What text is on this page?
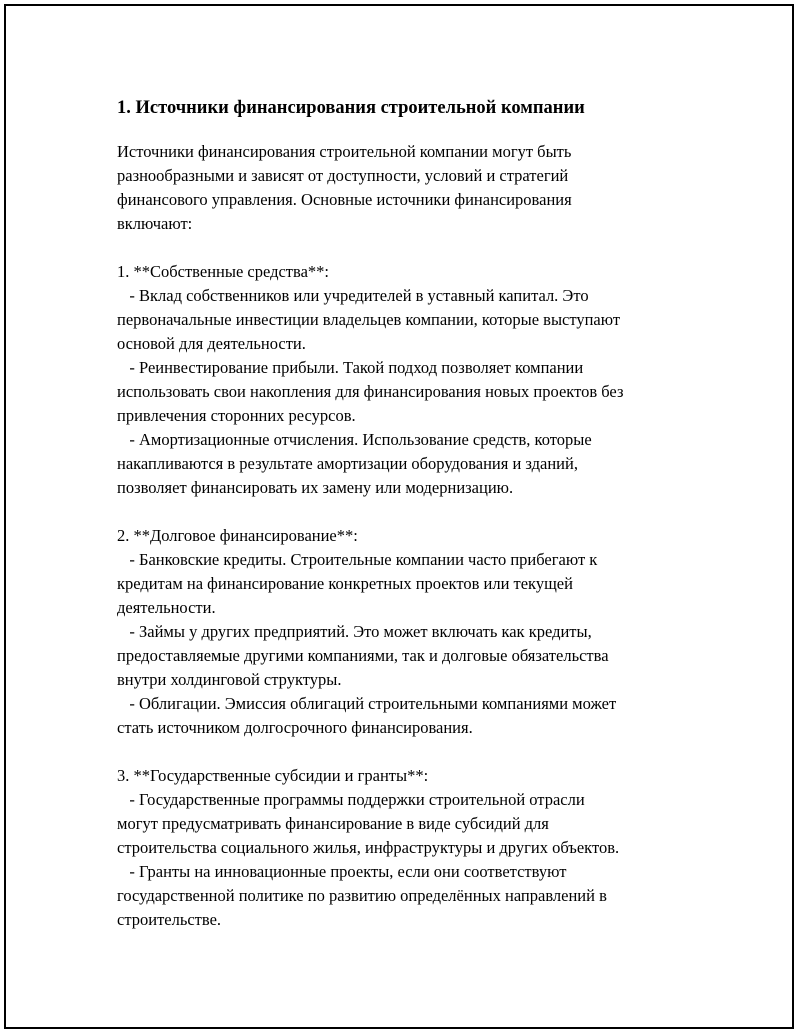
1. Источники финансирования строительной компании
Источники финансирования строительной компании могут быть
разнообразными и зависят от доступности, условий и стратегий
финансового управления. Основные источники финансирования
включают:
1. **Собственные средства**:
- Вклад собственников или учредителей в уставный капитал. Это
первоначальные инвестиции владельцев компании, которые выступают
основой для деятельности.
- Реинвестирование прибыли. Такой подход позволяет компании
использовать свои накопления для финансирования новых проектов без
привлечения сторонних ресурсов.
- Амортизационные отчисления. Использование средств, которые
накапливаются в результате амортизации оборудования и зданий,
позволяет финансировать их замену или модернизацию.
2. **Долговое финансирование**:
- Банковские кредиты. Строительные компании часто прибегают к
кредитам на финансирование конкретных проектов или текущей
деятельности.
- Займы у других предприятий. Это может включать как кредиты,
предоставляемые другими компаниями, так и долговые обязательства
внутри холдинговой структуры.
- Облигации. Эмиссия облигаций строительными компаниями может
стать источником долгосрочного финансирования.
3. **Государственные субсидии и гранты**:
- Государственные программы поддержки строительной отрасли
могут предусматривать финансирование в виде субсидий для
строительства социального жилья, инфраструктуры и других объектов.
- Гранты на инновационные проекты, если они соответствуют
государственной политике по развитию определённых направлений в
строительстве.
